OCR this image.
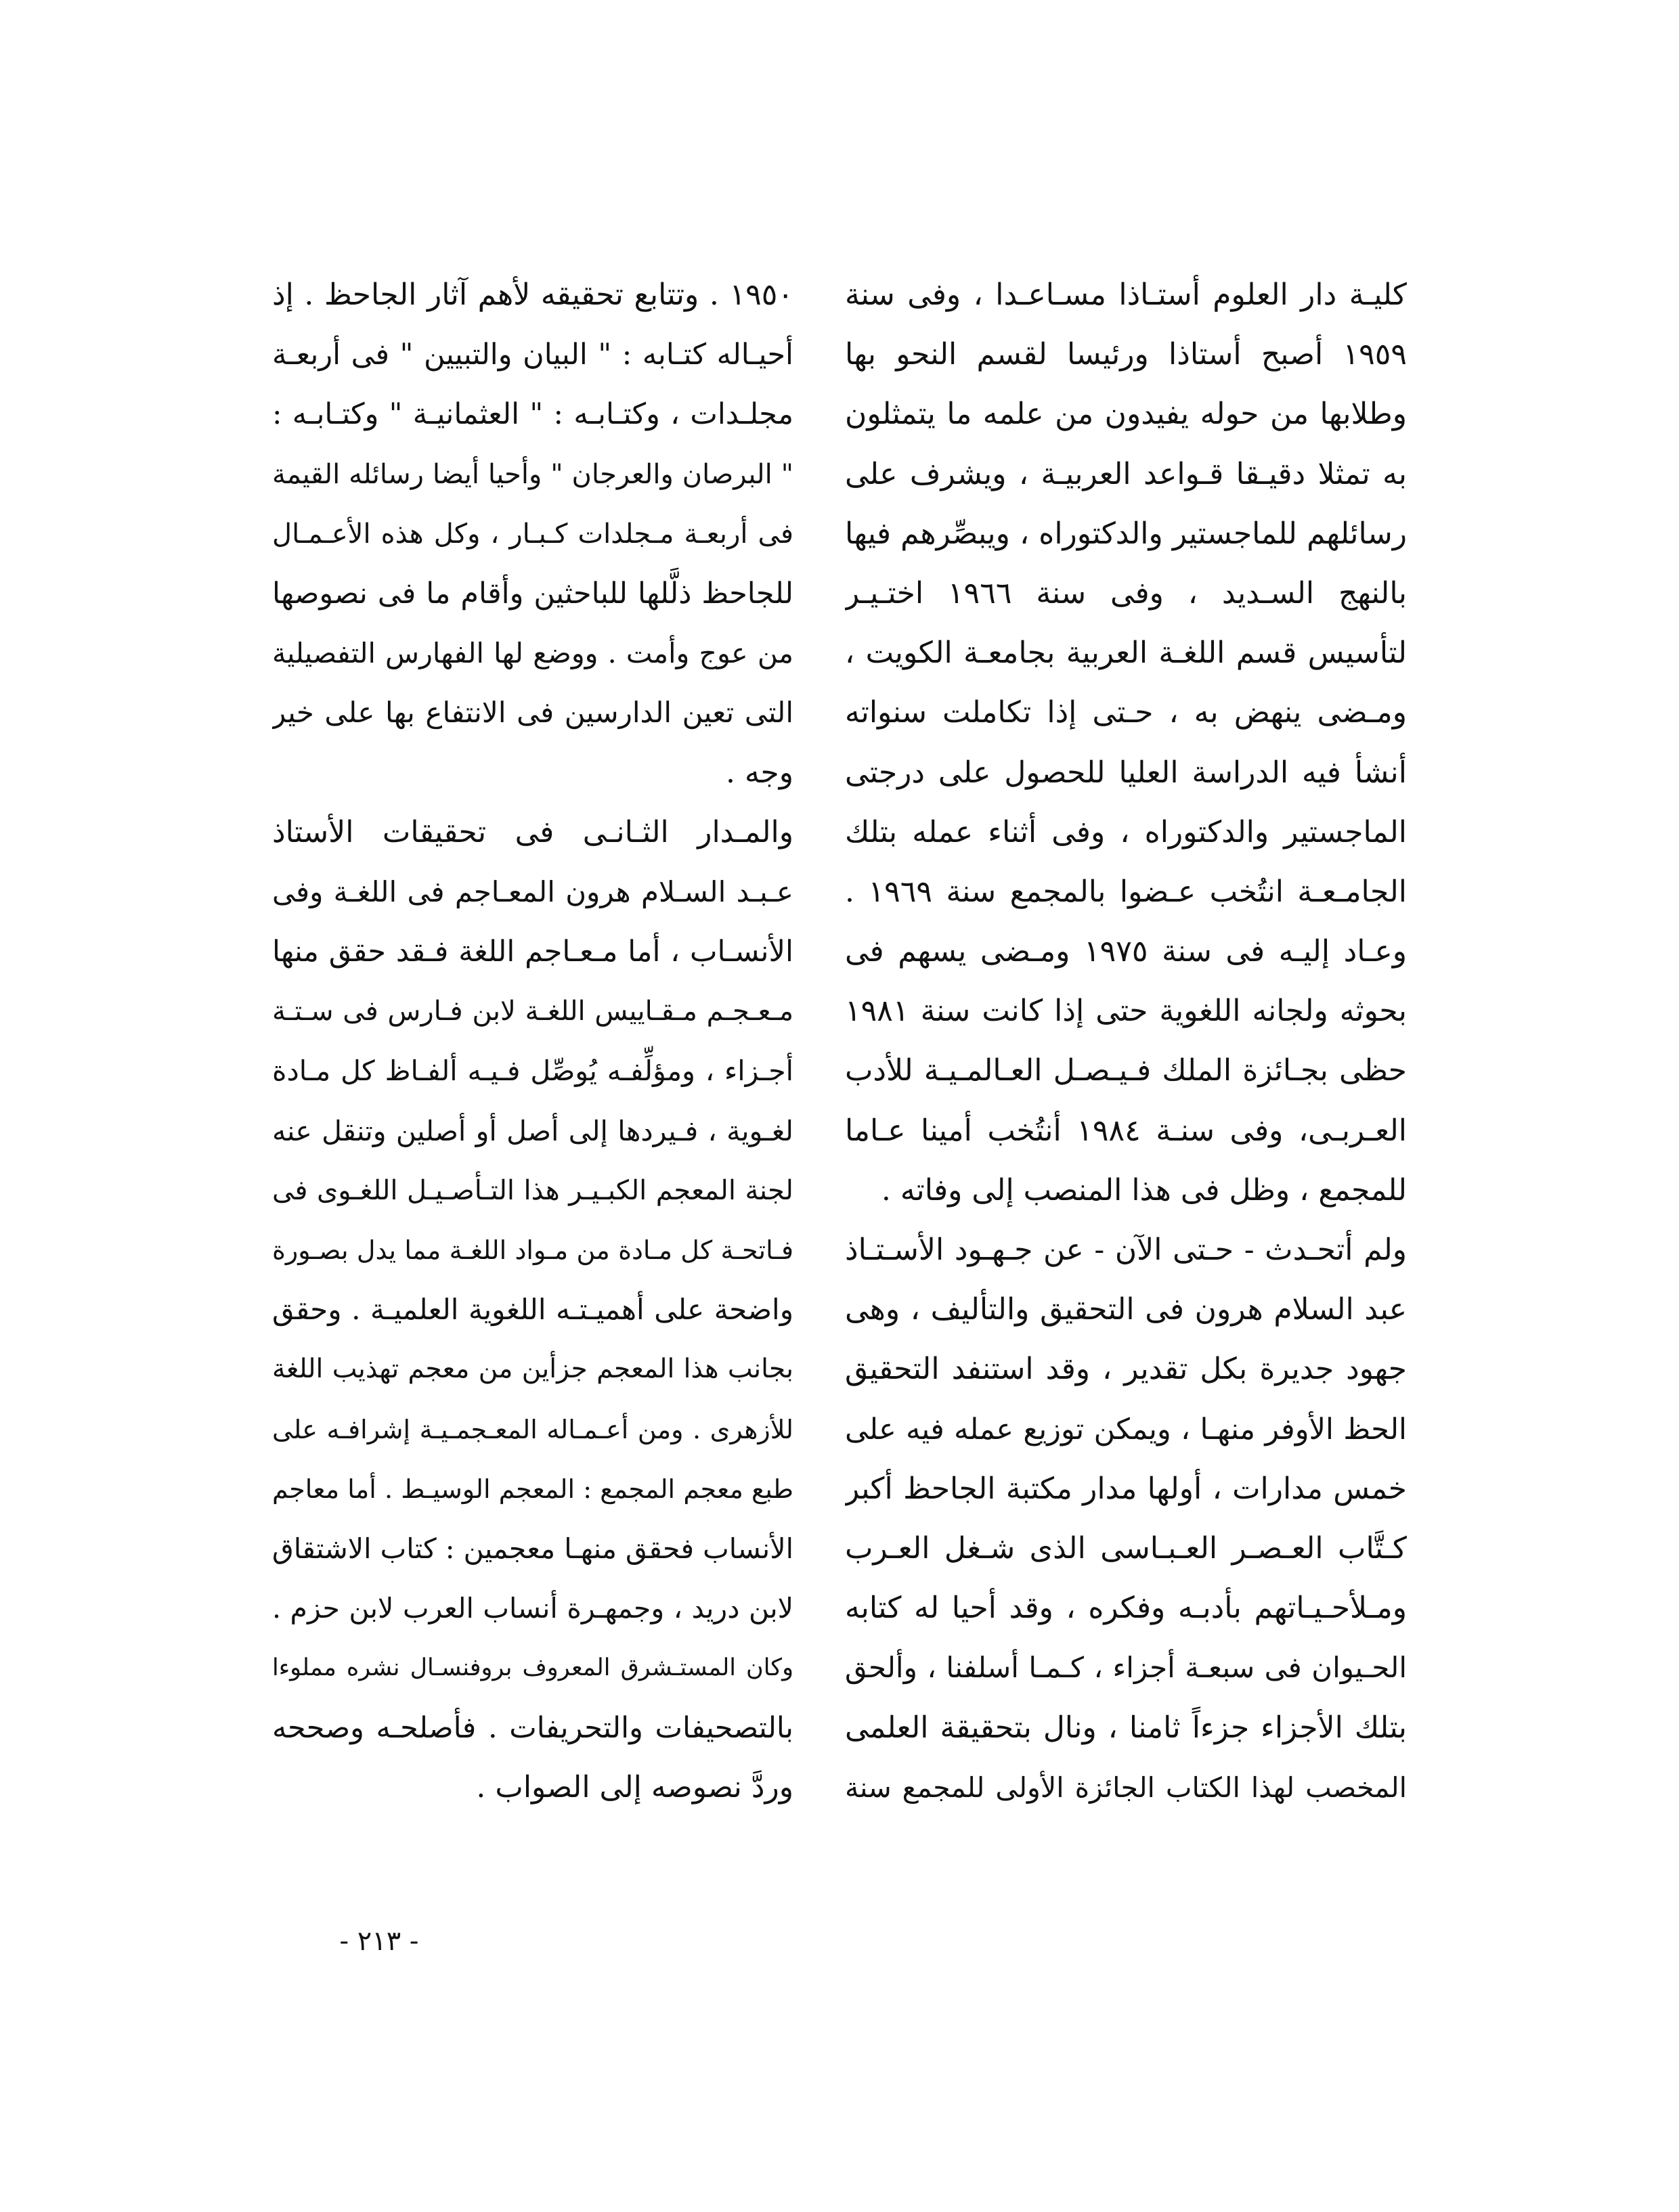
كليـة دار العلوم أستـاذا مسـاعـدا ، وفى سنة
١٩٥٩ أصبح أستاذا ورئيسا لقسم النحو بها
وطلابها من حوله يفيدون من علمه ما يتمثلون
به تمثلا دقيـقا قـواعد العربيـة ، ويشرف على
رسائلهم للماجستير والدكتوراه ، ويبصِّرهم فيها
بالنهج السـديد ، وفى سنة ١٩٦٦ اختـيـر
لتأسيس قسم اللغـة العربية بجامعـة الكويت ،
ومـضى ينهض به ، حـتى إذا تكاملت سنواته
أنشأ فيه الدراسة العليا للحصول على درجتى
الماجستير والدكتوراه ، وفى أثناء عمله بتلك
الجامـعـة انتُخب عـضوا بالمجمع سنة ١٩٦٩ .
وعـاد إليـه فى سنة ١٩٧٥ ومـضى يسهم فى
بحوثه ولجانه اللغوية حتى إذا كانت سنة ١٩٨١
حظى بجـائزة الملك فـيـصـل العـالمـيـة للأدب
العـربـى، وفى سنـة ١٩٨٤ أنتُخب أمينا عـاما
للمجمع ، وظل فى هذا المنصب إلى وفاته .
ولم أتحـدث - حـتى الآن - عن جـهـود الأسـتـاذ
عبد السلام هرون فى التحقيق والتأليف ، وهى
جهود جديرة بكل تقدير ، وقد استنفد التحقيق
الحظ الأوفر منهـا ، ويمكن توزيع عمله فيه على
خمس مدارات ، أولها مدار مكتبة الجاحظ أكبر
كـتَّاب العـصـر العـبـاسى الذى شـغل العـرب
ومـلأحـيـاتهم بأدبـه وفكره ، وقد أحيا له كتابه
الحـيوان فى سبعـة أجزاء ، كـمـا أسلفنا ، وألحق
بتلك الأجزاء جزءاً ثامنا ، ونال بتحقيقة العلمى
المخصب لهذا الكتاب الجائزة الأولى للمجمع سنة
١٩٥٠ . وتتابع تحقيقه لأهم آثار الجاحظ . إذ
أحيـاله كتـابه : " البيان والتبيين " فى أربعـة
مجلـدات ، وكتـابـه : " العثمانيـة " وكتـابـه :
" البرصان والعرجان " وأحيا أيضا رسائله القيمة
فى أربعـة مـجلدات كـبـار ، وكل هذه الأعـمـال
للجاحظ ذلَّلها للباحثين وأقام ما فى نصوصها
من عوج وأمت . ووضع لها الفهارس التفصيلية
التى تعين الدارسين فى الانتفاع بها على خير
وجه .
والمـدار الثـانـى فى تحقيقات الأستاذ
عـبـد السـلام هرون المعـاجم فى اللغـة وفى
الأنسـاب ، أما مـعـاجم اللغة فـقد حقق منها
مـعـجـم مـقـاييس اللغـة لابن فـارس فى سـتـة
أجـزاء ، ومؤلِّفـه يُوصِّل فـيـه ألفـاظ كل مـادة
لغـوية ، فـيردها إلى أصل أو أصلين وتنقل عنه
لجنة المعجم الكبـيـر هذا التـأصـيـل اللغـوى فى
فـاتحـة كل مـادة من مـواد اللغـة مما يدل بصـورة
واضحة على أهميـتـه اللغوية العلميـة . وحقق
بجانب هذا المعجم جزأين من معجم تهذيب اللغة
للأزهرى . ومن أعـمـاله المعـجمـيـة إشرافـه على
طبع معجم المجمع : المعجم الوسيـط . أما معاجم
الأنساب فحقق منهـا معجمين : كتاب الاشتقاق
لابن دريد ، وجمهـرة أنساب العرب لابن حزم .
وكان المستـشرق المعروف بروفنسـال نشره مملوءا
بالتصحيفات والتحريفات . فأصلحـه وصححه
وردَّ نصوصه إلى الصواب .
- ٢١٣ -
